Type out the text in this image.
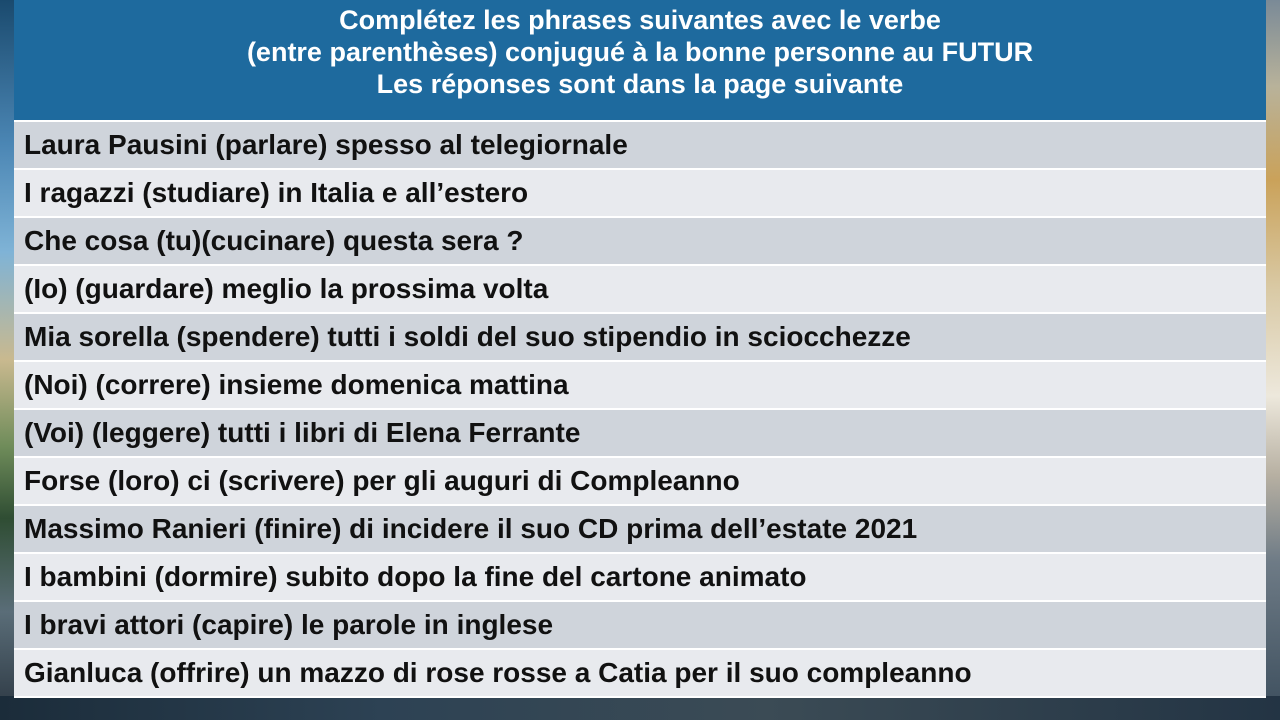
Complétez les phrases suivantes avec le verbe
(entre parenthèses) conjugué à la bonne personne au FUTUR
Les réponses sont dans la page suivante
Laura Pausini (parlare) spesso al telegiornale
I ragazzi (studiare) in Italia e all’estero
Che cosa (tu)(cucinare) questa sera ?
(Io) (guardare) meglio la prossima volta
Mia sorella (spendere) tutti i soldi del suo stipendio in sciocchezze
(Noi) (correre) insieme domenica mattina
(Voi) (leggere) tutti i libri di Elena Ferrante
Forse (loro) ci (scrivere) per gli auguri di Compleanno
Massimo Ranieri (finire) di incidere il suo CD prima dell’estate 2021
I bambini (dormire) subito dopo la fine del cartone animato
I bravi attori (capire) le parole in inglese
Gianluca (offrire) un mazzo di rose rosse a Catia per il suo compleanno
